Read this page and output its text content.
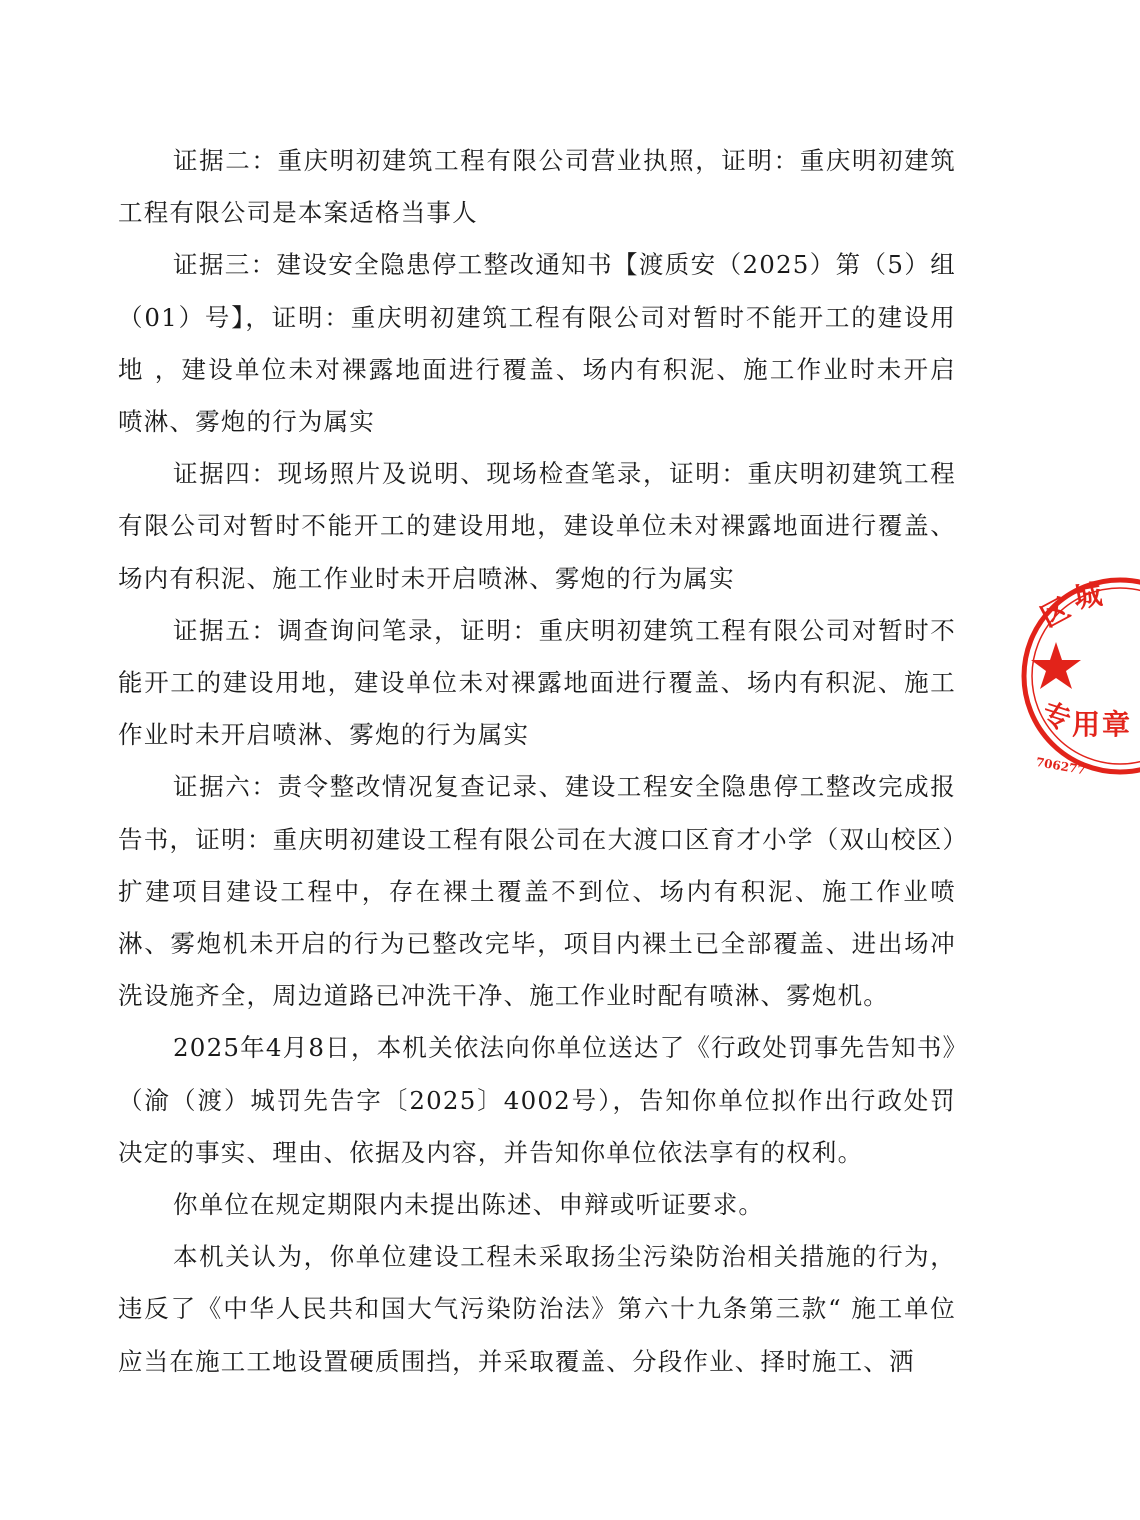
证据二：重庆明初建筑工程有限公司营业执照，证明：重庆明初建筑 工程有限公司是本案适格当事人

证据三：建设安全隐患停工整改通知书【渡质安（2025）第（5）组（01）号】，证明：重庆明初建筑工程有限公司对暂时不能开工的建设用 地 ，建设单位未对裸露地面进行覆盖、场内有积泥、施工作业时未开启 喷淋、雾炮的行为属实

证据四：现场照片及说明、现场检查笔录，证明：重庆明初建筑工程有限公司对暂时不能开工的建设用地，建设单位未对裸露地面进行覆盖、场内有积泥、施工作业时未开启喷淋、雾炮的行为属实

证据五：调查询问笔录，证明：重庆明初建筑工程有限公司对暂时不 能开工的建设用地，建设单位未对裸露地面进行覆盖、场内有积泥、施工作业时未开启喷淋、雾炮的行为属实

证据六：责令整改情况复查记录、建设工程安全隐患停工整改完成报告书，证明：重庆明初建设工程有限公司在大渡口区育才小学（双山校区）扩建项目建设工程中，存在裸土覆盖不到位、场内有积泥、施工作业喷淋、雾炮机未开启的行为已整改完毕，项目内裸土已全部覆盖、进出场冲洗设施齐全，周边道路已冲洗干净、施工作业时配有喷淋、雾炮机。

2025年4月8日，本机关依法向你单位送达了《行政处罚事先告知书》（渝（渡）城罚先告字〔2025〕4002号），告知你单位拟作出行政处罚决定的事实、理由、依据及内容，并告知你单位依法享有的权利。

你单位在规定期限内未提出陈述、申辩或听证要求。

本机关认为，你单位建设工程未采取扬尘污染防治相关措施的行为，违反了《中华人民共和国大气污染防治法》第六十九条第三款“ 施工单位应当在施工工地设置硬质围挡，并采取覆盖、分段作业、择时施工、洒

区
城
专
用 章
706277
